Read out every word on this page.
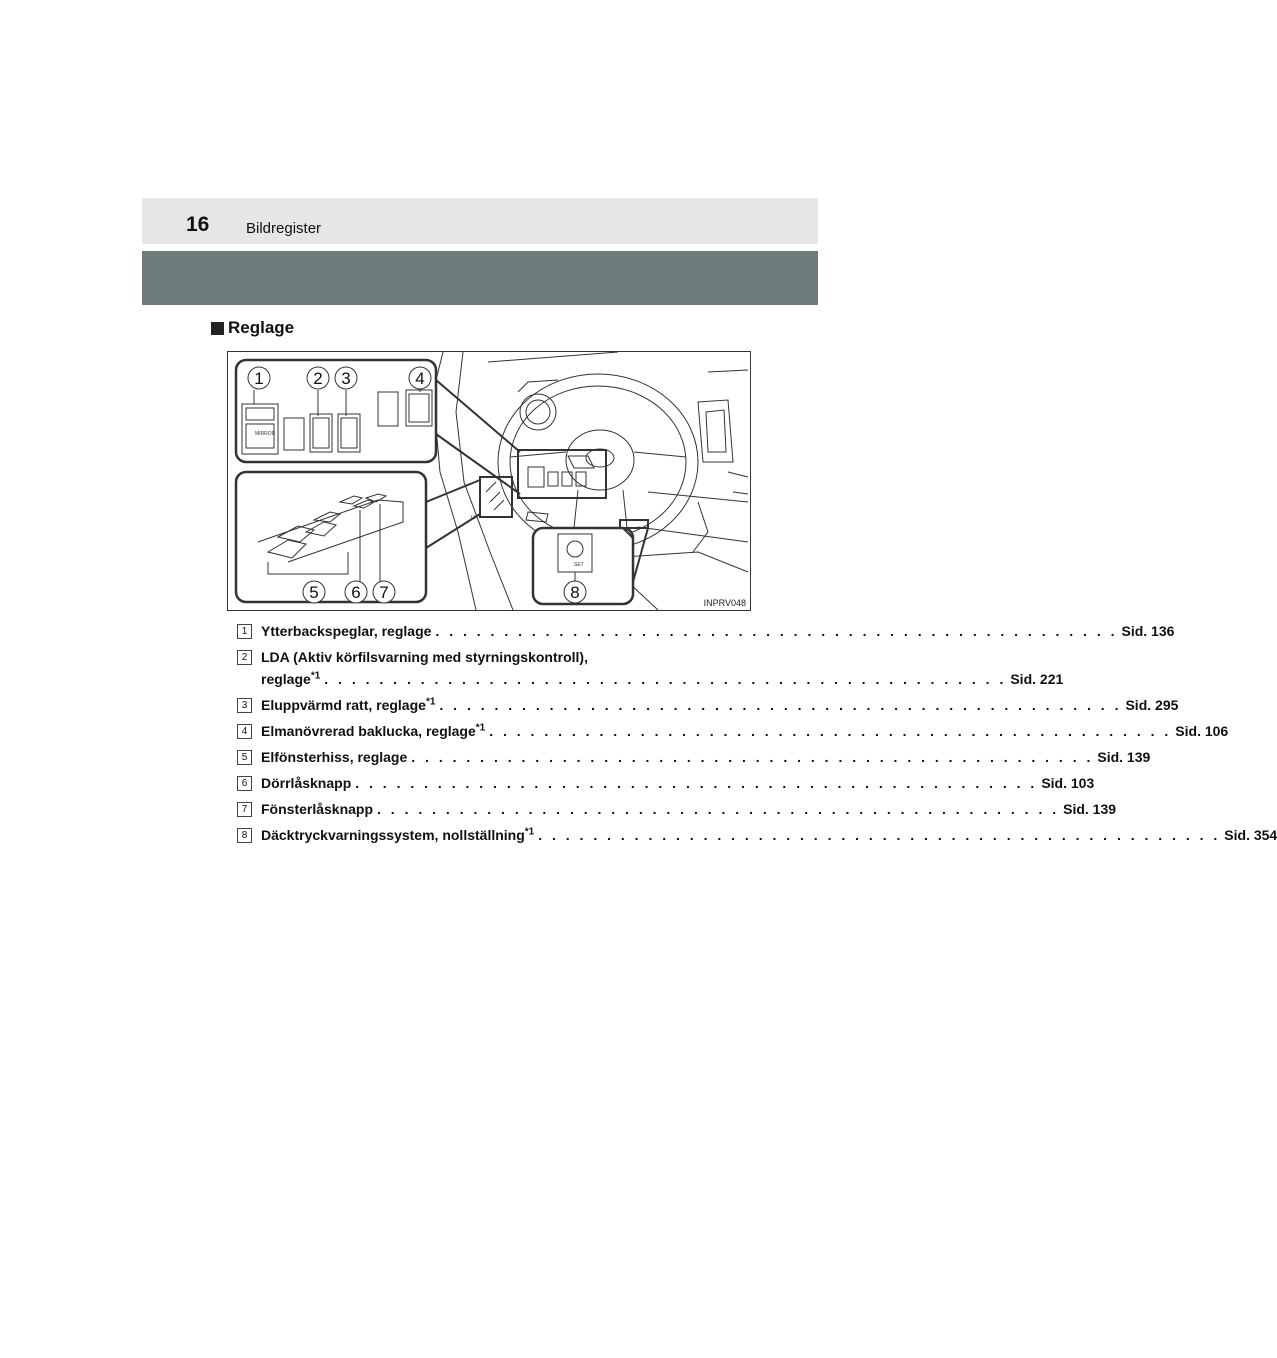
16 Bildregister
Reglage
I I I
MIRROR
SET
1	2 3	4
5 6 7	8
INPRV048
1 Ytterbackspeglar, reglage . . . . . . . . . . . . . . . . . . . . . . . . . . . . . . . . . . . . . . . . . . . . . . . . . . Sid. 136
2 LDA (Aktiv körfilsvarning med styrningskontroll),
reglage$^{*1}$ . . . . . . . . . . . . . . . . . . . . . . . . . . . . . . . . . . . . . . . . . . . . . . . . . . Sid. 221
3 Eluppvärmd ratt, reglage$^{*1}$ . . . . . . . . . . . . . . . . . . . . . . . . . . . . . . . . . . . . . . . . . . . . . . . . . . Sid. 295
4 Elmanövrerad baklucka, reglage$^{*1}$ . . . . . . . . . . . . . . . . . . . . . . . . . . . . . . . . . . . . . . . . . . . . . . . . . . Sid. 106
5 Elfönsterhiss, reglage . . . . . . . . . . . . . . . . . . . . . . . . . . . . . . . . . . . . . . . . . . . . . . . . . . Sid. 139
6 Dörrlåsknapp . . . . . . . . . . . . . . . . . . . . . . . . . . . . . . . . . . . . . . . . . . . . . . . . . . Sid. 103
7 Fönsterlåsknapp . . . . . . . . . . . . . . . . . . . . . . . . . . . . . . . . . . . . . . . . . . . . . . . . . . Sid. 139
8 Däcktryckvarningssystem, nollställning$^{*1}$ . . . . . . . . . . . . . . . . . . . . . . . . . . . . . . . . . . . . . . . . . . . . . . . . . . Sid. 354
